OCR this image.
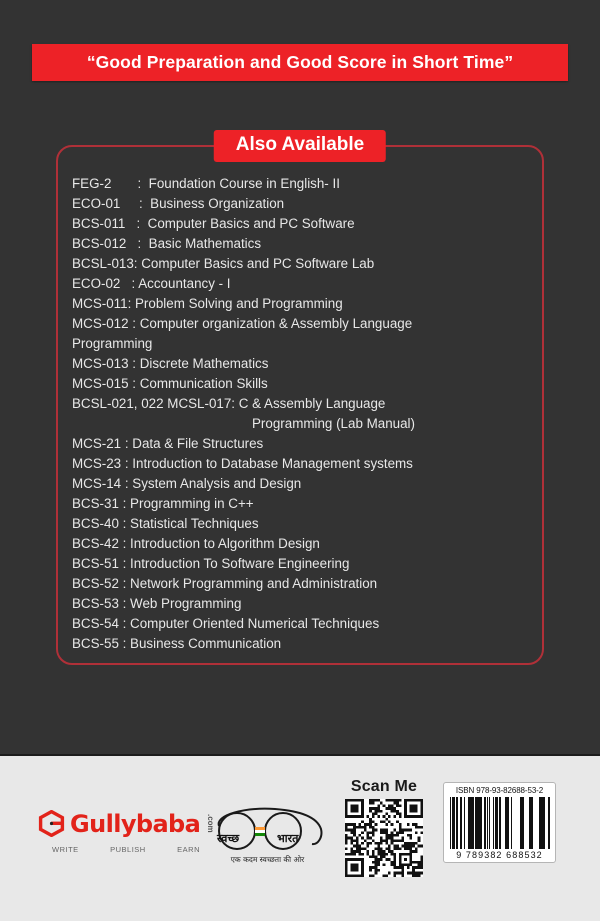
“Good Preparation and Good Score in Short Time”
Also Available
FEG-2       :  Foundation Course in English- II
ECO-01     :  Business Organization
BCS-011   :  Computer Basics and PC Software
BCS-012   :  Basic Mathematics
BCSL-013: Computer Basics and PC Software Lab
ECO-02   : Accountancy - I
MCS-011: Problem Solving and Programming
MCS-012 : Computer organization & Assembly Language
Programming
MCS-013 : Discrete Mathematics
MCS-015 : Communication Skills
BCSL-021, 022 MCSL-017: C & Assembly Language
Programming (Lab Manual)
MCS-21 : Data & File Structures
MCS-23 : Introduction to Database Management systems
MCS-14 : System Analysis and Design
BCS-31 : Programming in C++
BCS-40 : Statistical Techniques
BCS-42 : Introduction to Algorithm Design
BCS-51 : Introduction To Software Engineering
BCS-52 : Network Programming and Administration
BCS-53 : Web Programming
BCS-54 : Computer Oriented Numerical Techniques
BCS-55 : Business Communication
Gullybaba .com
WRITE	PUBLISH	EARN
स्वच्छ	भारत
एक कदम स्वच्छता की ओर
Scan Me	ISBN 978-93-82688-53-2
9 789382 688532
